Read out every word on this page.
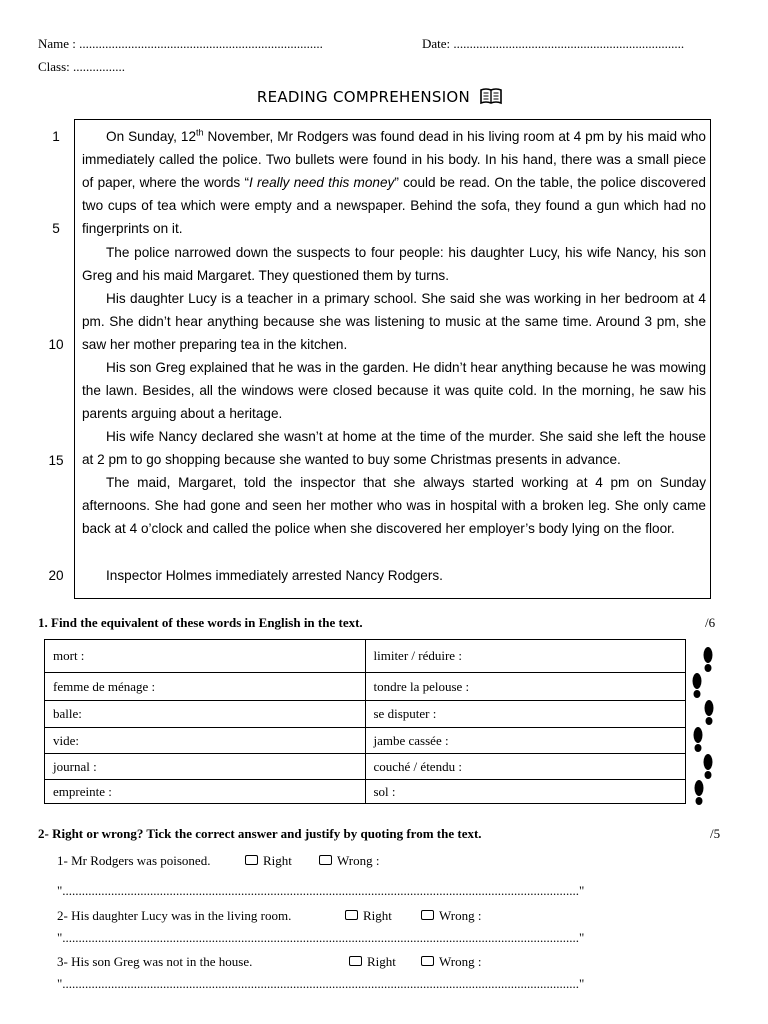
Name : ...........................................................................	Date: .......................................................................
Class: ................
READING COMPREHENSION
1
5
10
15
20
On Sunday, 12th November, Mr Rodgers was found dead in his living room at 4 pm by his maid who immediately called the police. Two bullets were found in his body. In his hand, there was a small piece of paper, where the words “I really need this money” could be read. On the table, the police discovered two cups of tea which were empty and a newspaper. Behind the sofa, they found a gun which had no fingerprints on it.
The police narrowed down the suspects to four people: his daughter Lucy, his wife Nancy, his son Greg and his maid Margaret. They questioned them by turns.
His daughter Lucy is a teacher in a primary school. She said she was working in her bedroom at 4 pm. She didn’t hear anything because she was listening to music at the same time. Around 3 pm, she saw her mother preparing tea in the kitchen.
His son Greg explained that he was in the garden. He didn’t hear anything because he was mowing the lawn. Besides, all the windows were closed because it was quite cold. In the morning, he saw his parents arguing about a heritage.
His wife Nancy declared she wasn’t at home at the time of the murder. She said she left the house at 2 pm to go shopping because she wanted to buy some Christmas presents in advance.
The maid, Margaret, told the inspector that she always started working at 4 pm on Sunday afternoons. She had gone and seen her mother who was in hospital with a broken leg. She only came back at 4 o’clock and called the police when she discovered her employer’s body lying on the floor.
Inspector Holmes immediately arrested Nancy Rodgers.
1. Find the equivalent of these words in English in the text.	/6
mort :	limiter / réduire :
femme de ménage :	tondre la pelouse :
balle:	se disputer :
vide:	jambe cassée :
journal :	couché / étendu :
empreinte :	sol :
2- Right or wrong? Tick the correct answer and justify by quoting from the text.	/5
1- Mr Rodgers was poisoned.	Right	Wrong :
"..............................................................................................................................................................."
2- His daughter Lucy was in the living room.	Right	Wrong :
"..............................................................................................................................................................."
3- His son Greg was not in the house.	Right	Wrong :
"..............................................................................................................................................................."
